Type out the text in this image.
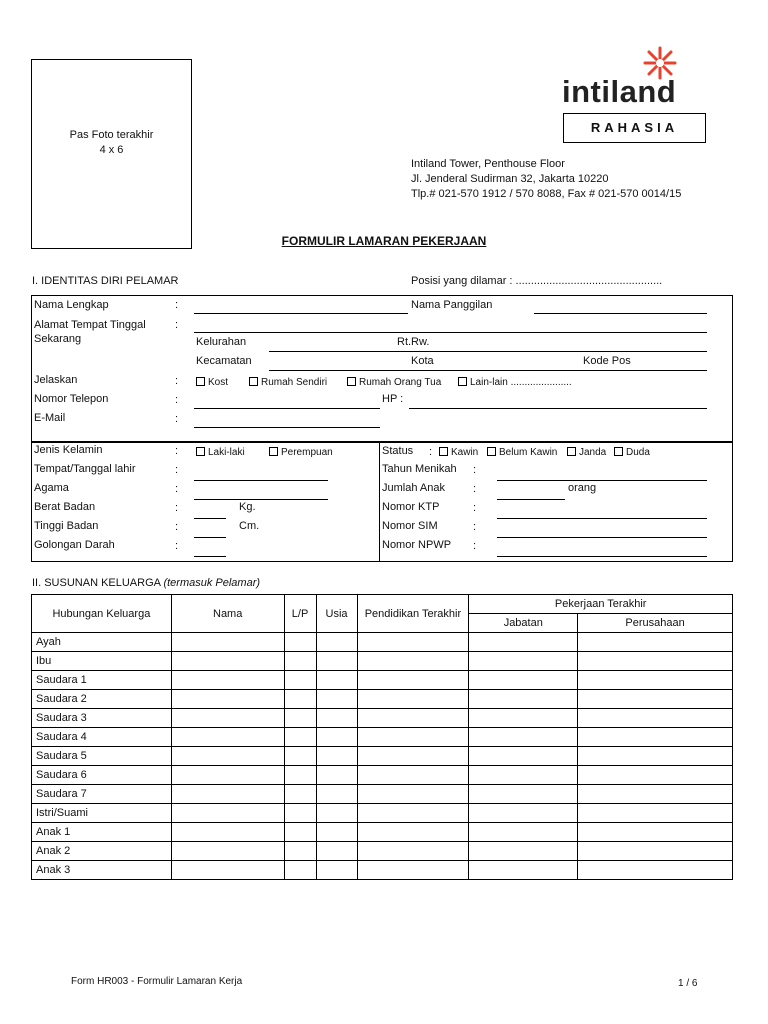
Pas Foto terakhir
4 x 6
intiland
RAHASIA
Intiland Tower, Penthouse Floor
Jl. Jenderal Sudirman 32, Jakarta 10220
Tlp.# 021-570 1912 / 570 8088, Fax # 021-570 0014/15
FORMULIR LAMARAN PEKERJAAN
I. IDENTITAS DIRI PELAMAR	Posisi yang dilamar : ................................................
Nama Lengkap	:	Nama Panggilan
Alamat Tempat Tinggal
Sekarang
:
Kelurahan	Rt.Rw.
Kecamatan	Kota	Kode Pos
Jelaskan	:	Kost	Rumah Sendiri	Rumah Orang Tua	Lain-lain ......................
Nomor Telepon	:	HP :
E-Mail	:
Jenis Kelamin	:	Laki-laki	Perempuan
Tempat/Tanggal lahir	:
Agama	:
Berat Badan	:	Kg.
Tinggi Badan	:	Cm.
Golongan Darah	:
Status :	Kawin	Belum Kawin	Janda	Duda
Tahun Menikah :
Jumlah Anak	:	orang
Nomor KTP	:
Nomor SIM	:
Nomor NPWP :
II. SUSUNAN KELUARGA (termasuk Pelamar)
Hubungan Keluarga	Nama	L/P	Usia	Pendidikan Terakhir	Pekerjaan Terakhir	
					Jabatan	Perusahaan
Ayah						
Ibu						
Saudara 1						
Saudara 2						
Saudara 3						
Saudara 4						
Saudara 5						
Saudara 6						
Saudara 7						
Istri/Suami						
Anak 1						
Anak 2						
Anak 3						
Form HR003 - Formulir Lamaran Kerja	1 / 6
